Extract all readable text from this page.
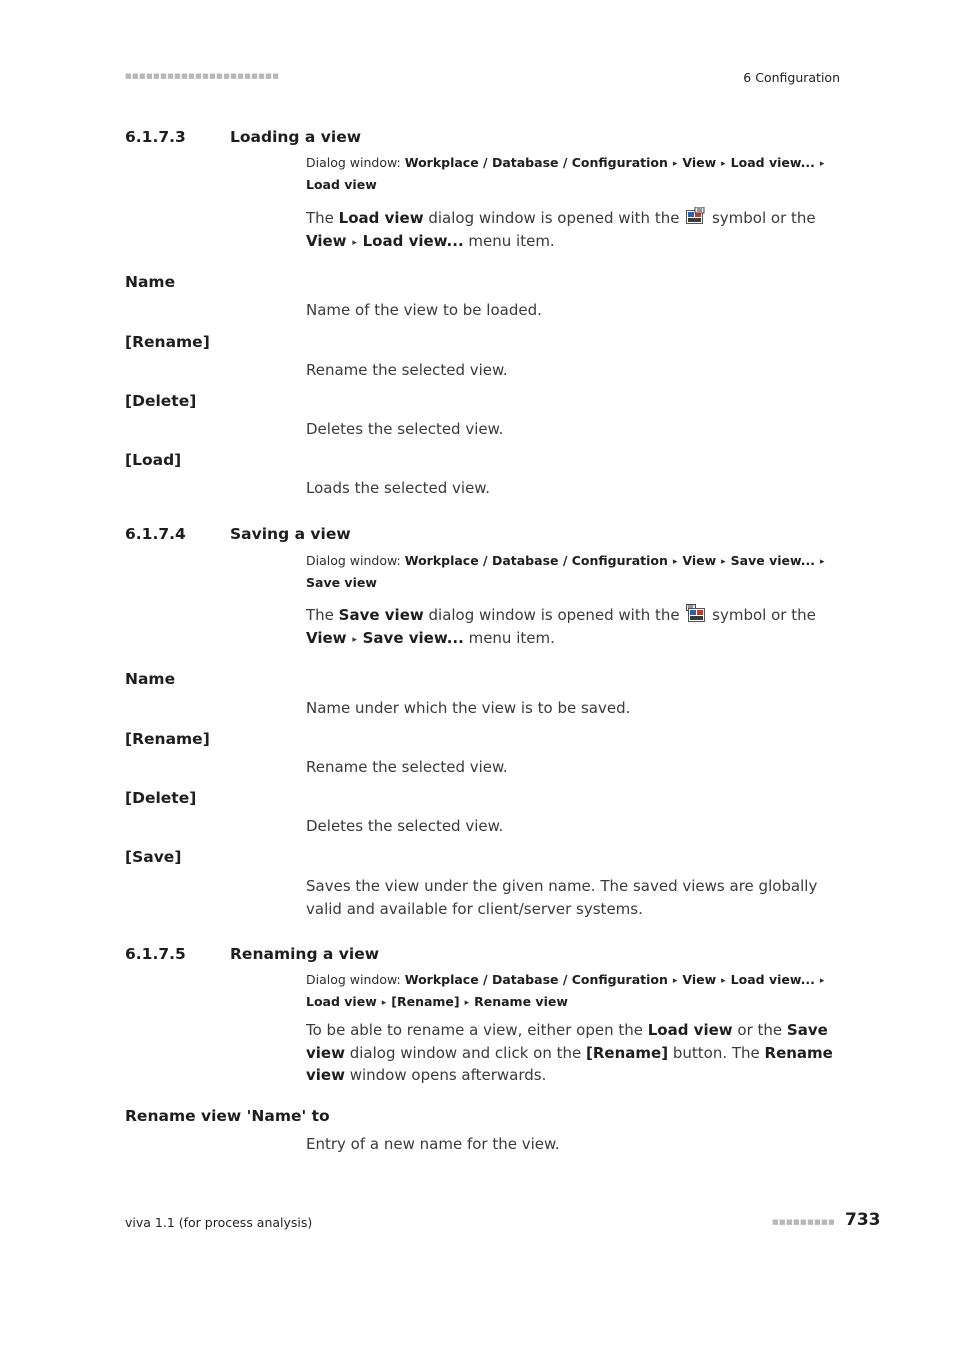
■■■■■■■■■■■■■■■■■■■■■■	6 Configuration
6.1.7.3	Loading a view
Dialog window: Workplace / Database / Configuration ▸ View ▸ Load view... ▸ Load view
The Load view dialog window is opened with the  symbol or the
View ▸ Load view... menu item.
Name
Name of the view to be loaded.
[Rename]
Rename the selected view.
[Delete]
Deletes the selected view.
[Load]
Loads the selected view.
6.1.7.4	Saving a view
Dialog window: Workplace / Database / Configuration ▸ View ▸ Save view... ▸ Save view
The Save view dialog window is opened with the  symbol or the
View ▸ Save view... menu item.
Name
Name under which the view is to be saved.
[Rename]
Rename the selected view.
[Delete]
Deletes the selected view.
[Save]
Saves the view under the given name. The saved views are globally valid and available for client/server systems.
6.1.7.5	Renaming a view
Dialog window: Workplace / Database / Configuration ▸ View ▸ Load view... ▸ Load view ▸ [Rename] ▸ Rename view
To be able to rename a view, either open the Load view or the Save view dialog window and click on the [Rename] button. The Rename view window opens afterwards.
Rename view 'Name' to
Entry of a new name for the view.
viva 1.1 (for process analysis)	■■■■■■■■■ 733
